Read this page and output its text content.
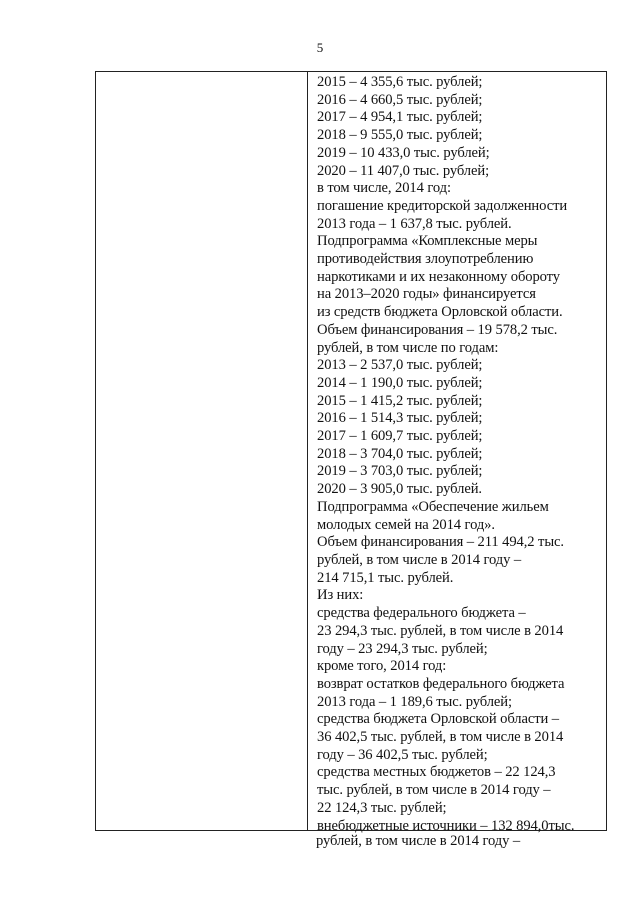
5
2015 – 4 355,6 тыс. рублей;
2016 – 4 660,5 тыс. рублей;
2017 – 4 954,1 тыс. рублей;
2018 – 9 555,0 тыс. рублей;
2019 – 10 433,0 тыс. рублей;
2020 – 11 407,0 тыс. рублей;
в том числе, 2014 год:
погашение кредиторской задолженности
2013 года – 1 637,8 тыс. рублей.
Подпрограмма «Комплексные меры
противодействия злоупотреблению
наркотиками и их незаконному обороту
на 2013–2020 годы» финансируется
из средств бюджета Орловской области.
Объем финансирования – 19 578,2 тыс.
рублей, в том числе по годам:
2013 – 2 537,0 тыс. рублей;
2014 – 1 190,0 тыс. рублей;
2015 – 1 415,2 тыс. рублей;
2016 – 1 514,3 тыс. рублей;
2017 – 1 609,7 тыс. рублей;
2018 – 3 704,0 тыс. рублей;
2019 – 3 703,0 тыс. рублей;
2020 – 3 905,0 тыс. рублей.
Подпрограмма «Обеспечение жильем
молодых семей на 2014 год».
Объем финансирования – 211 494,2 тыс.
рублей, в том числе в 2014 году –
214 715,1 тыс. рублей.
Из них:
средства федерального бюджета –
23 294,3 тыс. рублей, в том числе в 2014
году – 23 294,3 тыс. рублей;
кроме того, 2014 год:
возврат остатков федерального бюджета
2013 года – 1 189,6 тыс. рублей;
средства бюджета Орловской области –
36 402,5 тыс. рублей, в том числе в 2014
году – 36 402,5 тыс. рублей;
средства местных бюджетов – 22 124,3
тыс. рублей, в том числе в 2014 году –
22 124,3 тыс. рублей;
внебюджетные источники – 132 894,0тыс.
рублей, в том числе в 2014 году –
